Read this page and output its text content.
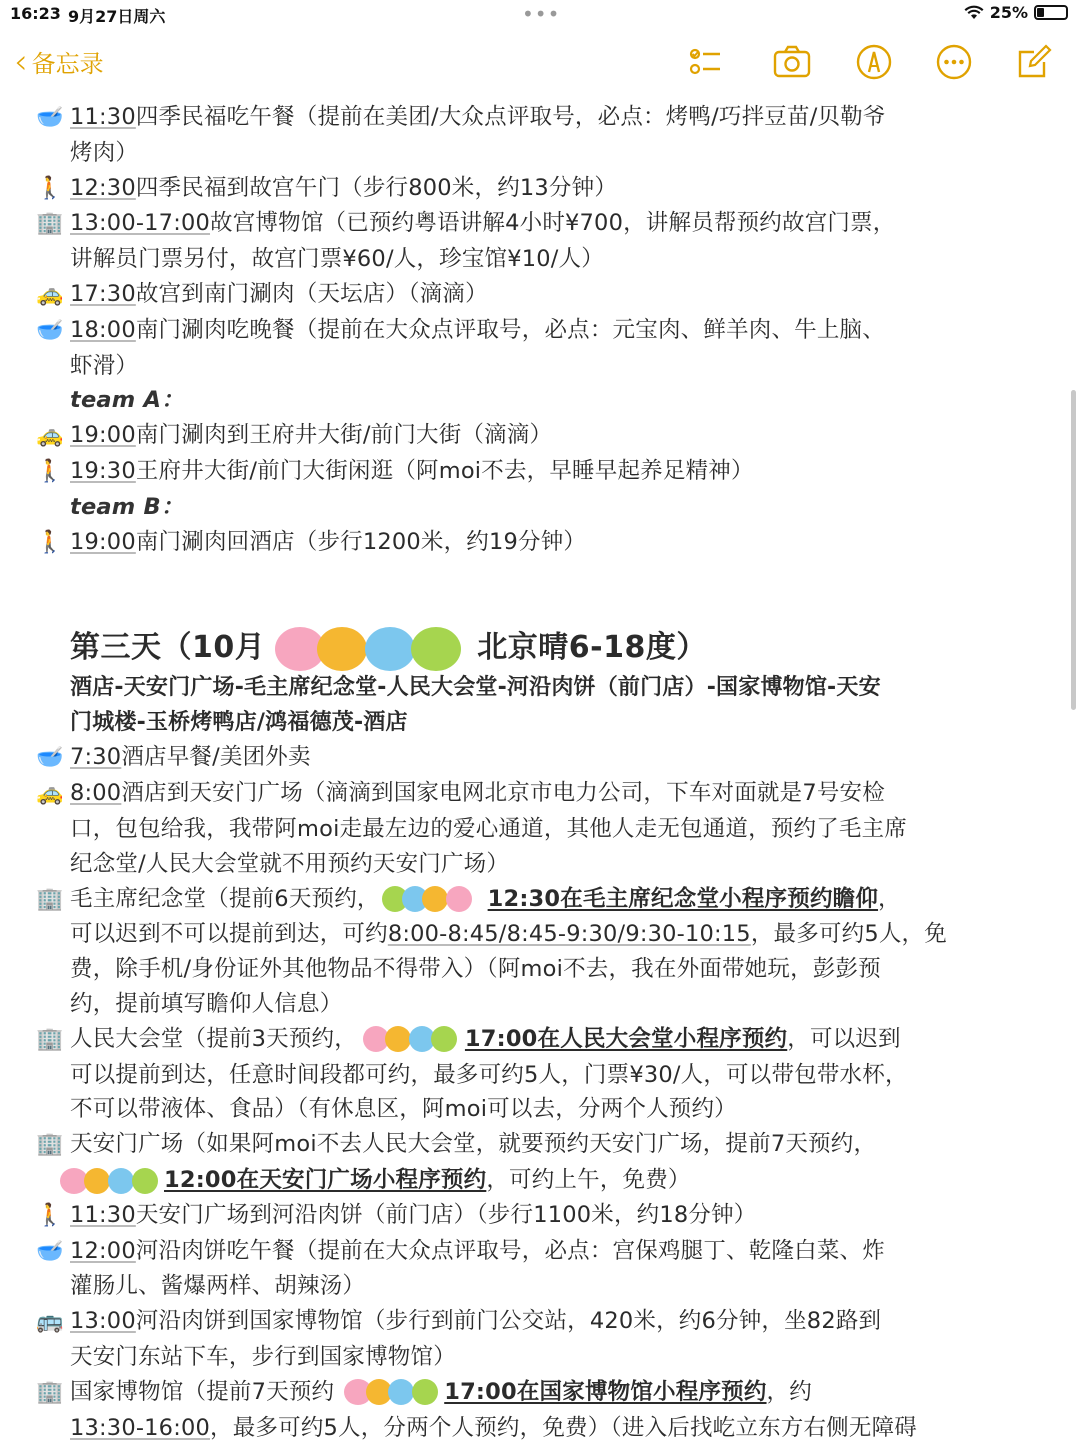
16:23 9月27日周六	•••	25%
‹ 备忘录
🥣 11:30四季民福吃午餐（提前在美团/大众点评取号，必点：烤鸭/巧拌豆苗/贝勒爷
烤肉）
🚶 12:30四季民福到故宫午门（步行800米，约13分钟）
🏢 13:00-17:00故宫博物馆（已预约粤语讲解4小时¥700，讲解员帮预约故宫门票，
讲解员门票另付，故宫门票¥60/人，珍宝馆¥10/人）
🚕 17:30故宫到南门涮肉（天坛店）（滴滴）
🥣 18:00南门涮肉吃晚餐（提前在大众点评取号，必点：元宝肉、鲜羊肉、牛上脑、
虾滑）
team A：
🚕 19:00南门涮肉到王府井大街/前门大街（滴滴）
🚶 19:30王府井大街/前门大街闲逛（阿moi不去，早睡早起养足精神）
team B：
🚶 19:00南门涮肉回酒店（步行1200米，约19分钟）
第三天（10月	北京晴6-18度）
酒店-天安门广场-毛主席纪念堂-人民大会堂-河沿肉饼（前门店）-国家博物馆-天安
门城楼-玉桥烤鸭店/鸿福德茂-酒店
🥣 7:30酒店早餐/美团外卖
🚕 8:00酒店到天安门广场（滴滴到国家电网北京市电力公司，下车对面就是7号安检
口，包包给我，我带阿moi走最左边的爱心通道，其他人走无包通道，预约了毛主席
纪念堂/人民大会堂就不用预约天安门广场）
🏢 毛主席纪念堂（提前6天预约，	12:30在毛主席纪念堂小程序预约瞻仰，
可以迟到不可以提前到达，可约8:00-8:45/8:45-9:30/9:30-10:15，最多可约5人，免
费，除手机/身份证外其他物品不得带入）（阿moi不去，我在外面带她玩，彭彭预
约，提前填写瞻仰人信息）
🏢 人民大会堂（提前3天预约，	17:00在人民大会堂小程序预约，可以迟到
可以提前到达，任意时间段都可约，最多可约5人，门票¥30/人，可以带包带水杯，
不可以带液体、食品）（有休息区，阿moi可以去，分两个人预约）
🏢 天安门广场（如果阿moi不去人民大会堂，就要预约天安门广场，提前7天预约，
12:00在天安门广场小程序预约，可约上午，免费）
🚶 11:30天安门广场到河沿肉饼（前门店）（步行1100米，约18分钟）
🥣 12:00河沿肉饼吃午餐（提前在大众点评取号，必点：宫保鸡腿丁、乾隆白菜、炸
灌肠儿、酱爆两样、胡辣汤）
🚌 13:00河沿肉饼到国家博物馆（步行到前门公交站，420米，约6分钟，坐82路到
天安门东站下车，步行到国家博物馆）
🏢 国家博物馆（提前7天预约	17:00在国家博物馆小程序预约，约
13:30-16:00，最多可约5人，分两个人预约，免费）（进入后找屹立东方右侧无障碍
